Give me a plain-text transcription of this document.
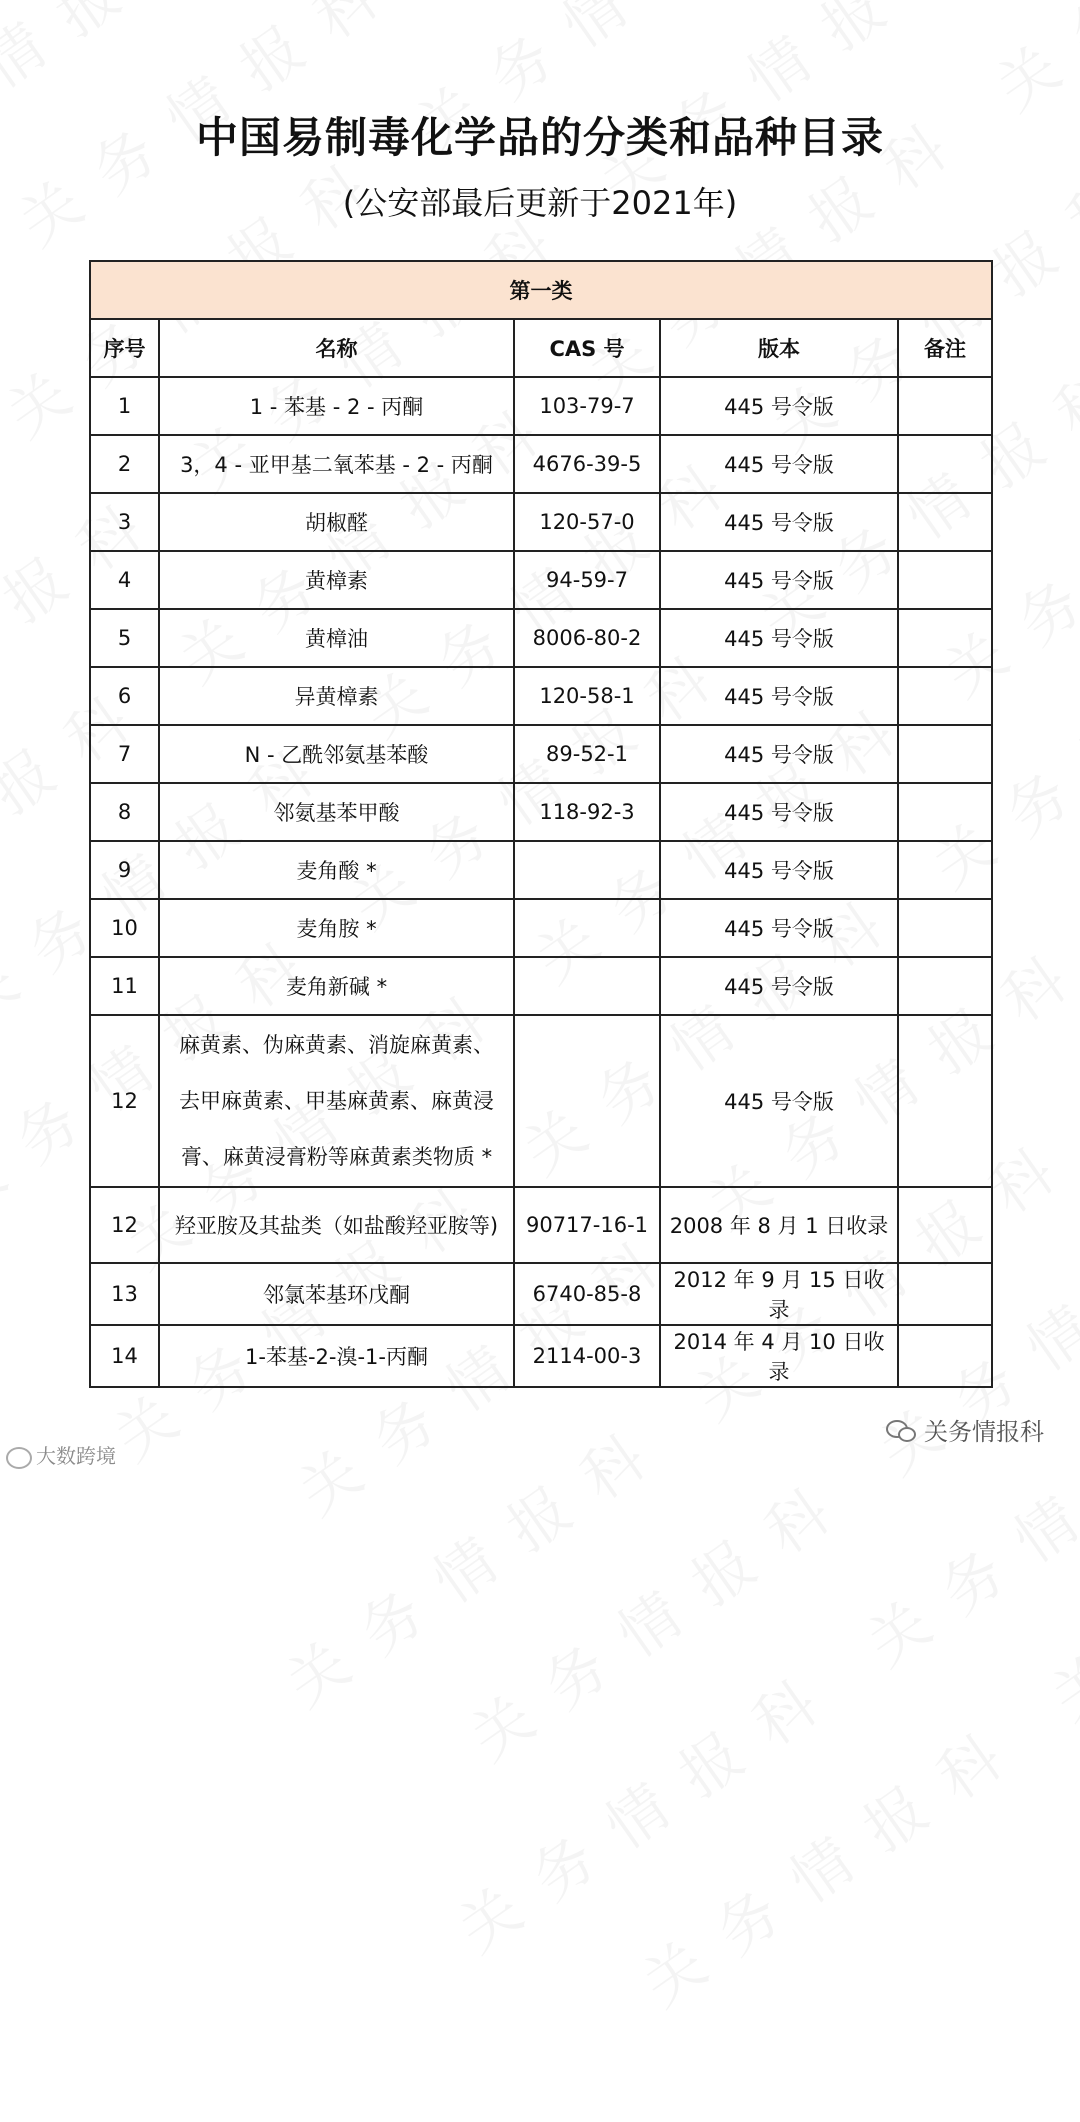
中国易制毒化学品的分类和品种目录
(公安部最后更新于2021年)
第一类				
序号	名称	CAS 号	版本	备注
1	1 - 苯基 - 2 - 丙酮	103-79-7	445 号令版	
2	3，4 - 亚甲基二氧苯基 - 2 - 丙酮	4676-39-5	445 号令版	
3	胡椒醛	120-57-0	445 号令版	
4	黄樟素	94-59-7	445 号令版	
5	黄樟油	8006-80-2	445 号令版	
6	异黄樟素	120-58-1	445 号令版	
7	N - 乙酰邻氨基苯酸	89-52-1	445 号令版	
8	邻氨基苯甲酸	118-92-3	445 号令版	
9	麦角酸 *		445 号令版	
10	麦角胺 *		445 号令版	
11	麦角新碱 *		445 号令版	
12	麻黄素、伪麻黄素、消旋麻黄素、
去甲麻黄素、甲基麻黄素、麻黄浸
膏、麻黄浸膏粉等麻黄素类物质 *		445 号令版	
12	羟亚胺及其盐类（如盐酸羟亚胺等)	90717-16-1	2008 年 8 月 1 日收录	
13	邻氯苯基环戊酮	6740-85-8	2012 年 9 月 15 日收录	
14	1-苯基-2-溴-1-丙酮	2114-00-3	2014 年 4 月 10 日收录	
大数跨境
关务情报科
